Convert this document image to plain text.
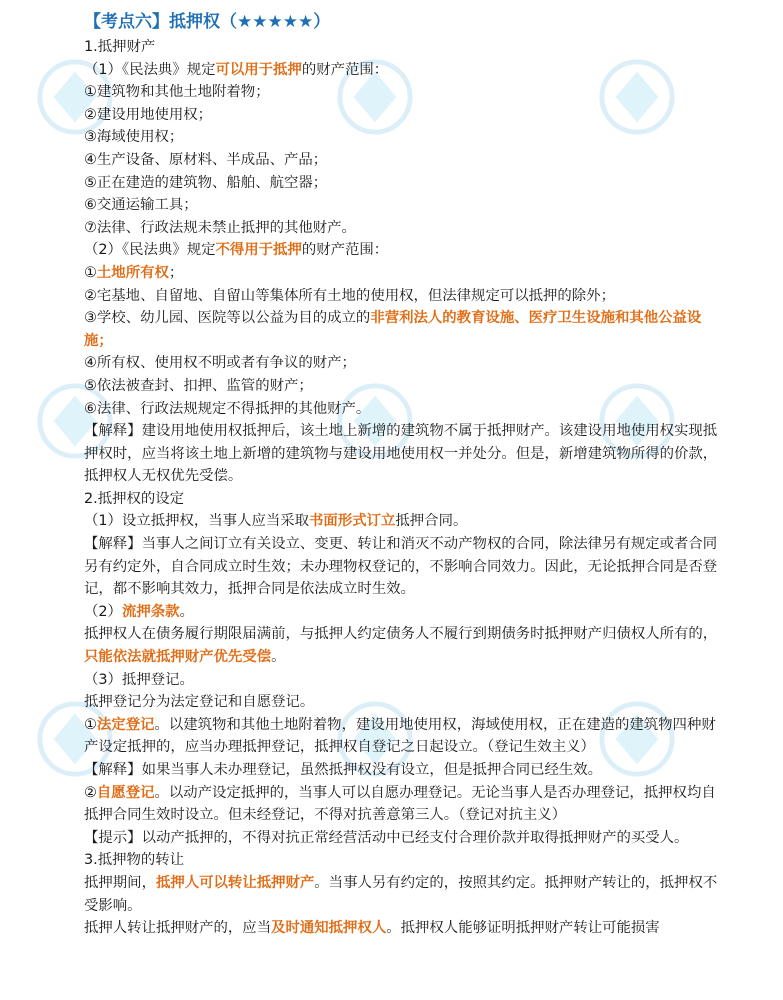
【考点六】抵押权（★★★★★）

1.抵押财产

（1）《民法典》规定可以用于抵押的财产范围：

①建筑物和其他土地附着物；

②建设用地使用权；

③海域使用权；

④生产设备、原材料、半成品、产品；

⑤正在建造的建筑物、船舶、航空器；

⑥交通运输工具；

⑦法律、行政法规未禁止抵押的其他财产。

（2）《民法典》规定不得用于抵押的财产范围：

①土地所有权；

②宅基地、自留地、自留山等集体所有土地的使用权，但法律规定可以抵押的除外；

③学校、幼儿园、医院等以公益为目的成立的非营利法人的教育设施、医疗卫生设施和其他公益设施；

④所有权、使用权不明或者有争议的财产；

⑤依法被查封、扣押、监管的财产；

⑥法律、行政法规规定不得抵押的其他财产。

【解释】建设用地使用权抵押后，该土地上新增的建筑物不属于抵押财产。该建设用地使用权实现抵押权时，应当将该土地上新增的建筑物与建设用地使用权一并处分。但是，新增建筑物所得的价款，抵押权人无权优先受偿。

2.抵押权的设定

（1）设立抵押权，当事人应当采取书面形式订立抵押合同。

【解释】当事人之间订立有关设立、变更、转让和消灭不动产物权的合同，除法律另有规定或者合同另有约定外，自合同成立时生效；未办理物权登记的，不影响合同效力。因此，无论抵押合同是否登记，都不影响其效力，抵押合同是依法成立时生效。

（2）流押条款。

抵押权人在债务履行期限届满前，与抵押人约定债务人不履行到期债务时抵押财产归债权人所有的，只能依法就抵押财产优先受偿。

（3）抵押登记。

抵押登记分为法定登记和自愿登记。

①法定登记。以建筑物和其他土地附着物，建设用地使用权，海域使用权，正在建造的建筑物四种财产设定抵押的，应当办理抵押登记，抵押权自登记之日起设立。（登记生效主义）

【解释】如果当事人未办理登记，虽然抵押权没有设立，但是抵押合同已经生效。

②自愿登记。以动产设定抵押的，当事人可以自愿办理登记。无论当事人是否办理登记，抵押权均自抵押合同生效时设立。但未经登记，不得对抗善意第三人。（登记对抗主义）

【提示】以动产抵押的，不得对抗正常经营活动中已经支付合理价款并取得抵押财产的买受人。

3.抵押物的转让

抵押期间，抵押人可以转让抵押财产。当事人另有约定的，按照其约定。抵押财产转让的，抵押权不受影响。

抵押人转让抵押财产的，应当及时通知抵押权人。抵押权人能够证明抵押财产转让可能损害
